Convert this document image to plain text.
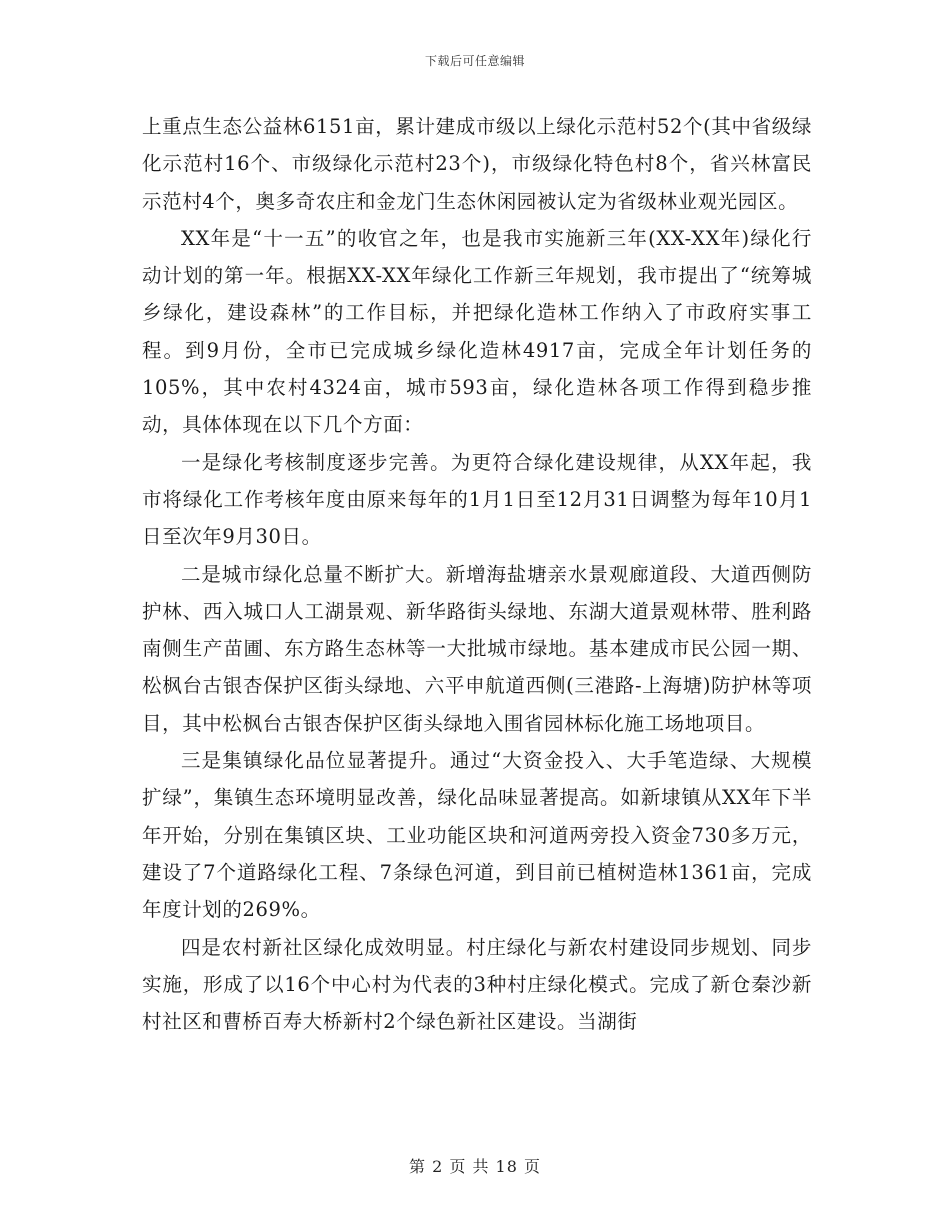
下载后可任意编辑

上重点生态公益林6151亩，累计建成市级以上绿化示范村52个(其中省级绿化示范村16个、市级绿化示范村23个)，市级绿化特色村8个，省兴林富民示范村4个，奥多奇农庄和金龙门生态休闲园被认定为省级林业观光园区。

XX年是“十一五”的收官之年，也是我市实施新三年(XX-XX年)绿化行动计划的第一年。根据XX-XX年绿化工作新三年规划，我市提出了“统筹城乡绿化，建设森林”的工作目标，并把绿化造林工作纳入了市政府实事工程。到9月份，全市已完成城乡绿化造林4917亩，完成全年计划任务的105%，其中农村4324亩，城市593亩，绿化造林各项工作得到稳步推动，具体体现在以下几个方面：

一是绿化考核制度逐步完善。为更符合绿化建设规律，从XX年起，我市将绿化工作考核年度由原来每年的1月1日至12月31日调整为每年10月1日至次年9月30日。

二是城市绿化总量不断扩大。新增海盐塘亲水景观廊道段、大道西侧防护林、西入城口人工湖景观、新华路街头绿地、东湖大道景观林带、胜利路南侧生产苗圃、东方路生态林等一大批城市绿地。基本建成市民公园一期、松枫台古银杏保护区街头绿地、六平申航道西侧(三港路-上海塘)防护林等项目，其中松枫台古银杏保护区街头绿地入围省园林标化施工场地项目。

三是集镇绿化品位显著提升。通过“大资金投入、大手笔造绿、大规模扩绿”，集镇生态环境明显改善，绿化品味显著提高。如新埭镇从XX年下半年开始，分别在集镇区块、工业功能区块和河道两旁投入资金730多万元，建设了7个道路绿化工程、7条绿色河道，到目前已植树造林1361亩，完成年度计划的269%。

四是农村新社区绿化成效明显。村庄绿化与新农村建设同步规划、同步实施，形成了以16个中心村为代表的3种村庄绿化模式。完成了新仓秦沙新村社区和曹桥百寿大桥新村2个绿色新社区建设。当湖街

第 2 页 共 18 页
